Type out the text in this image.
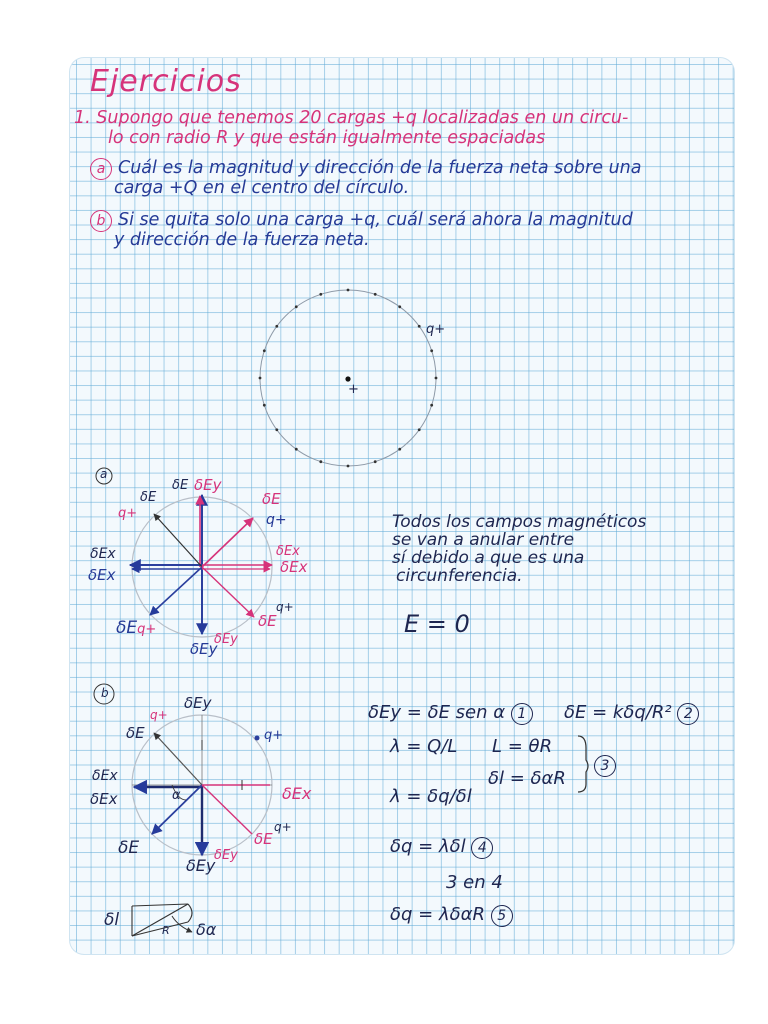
Ejercicios
1. Supongo que tenemos 20 cargas +q localizadas en un circu-
lo con radio R y que están igualmente espaciadas
a Cuál es la magnitud y dirección de la fuerza neta sobre una
carga +Q en el centro del círculo.
b Si se quita solo una carga +q, cuál será ahora la magnitud
y dirección de la fuerza neta.
q+
+
a
δEy
δE
δE
q+
δE
q+
δEx
δEx
δEx
δEx
δEq+
δEy
δEy
δE
q+
Todos los campos magnéticos
se van a anular entre
sí debido a que es una
circunferencia.
E = 0
b
δEy
δE
q+
q+
δEx
δEx	δEx
α
δE	δEy
δEy
δE
q+
δl
R δα
δEy = δE sen α 1	δE = kδq/R² 2
λ = Q/L L = θR
δl = δαR
3
λ = δq/δl
δq = λδl 4
3 en 4
δq = λδαR 5
